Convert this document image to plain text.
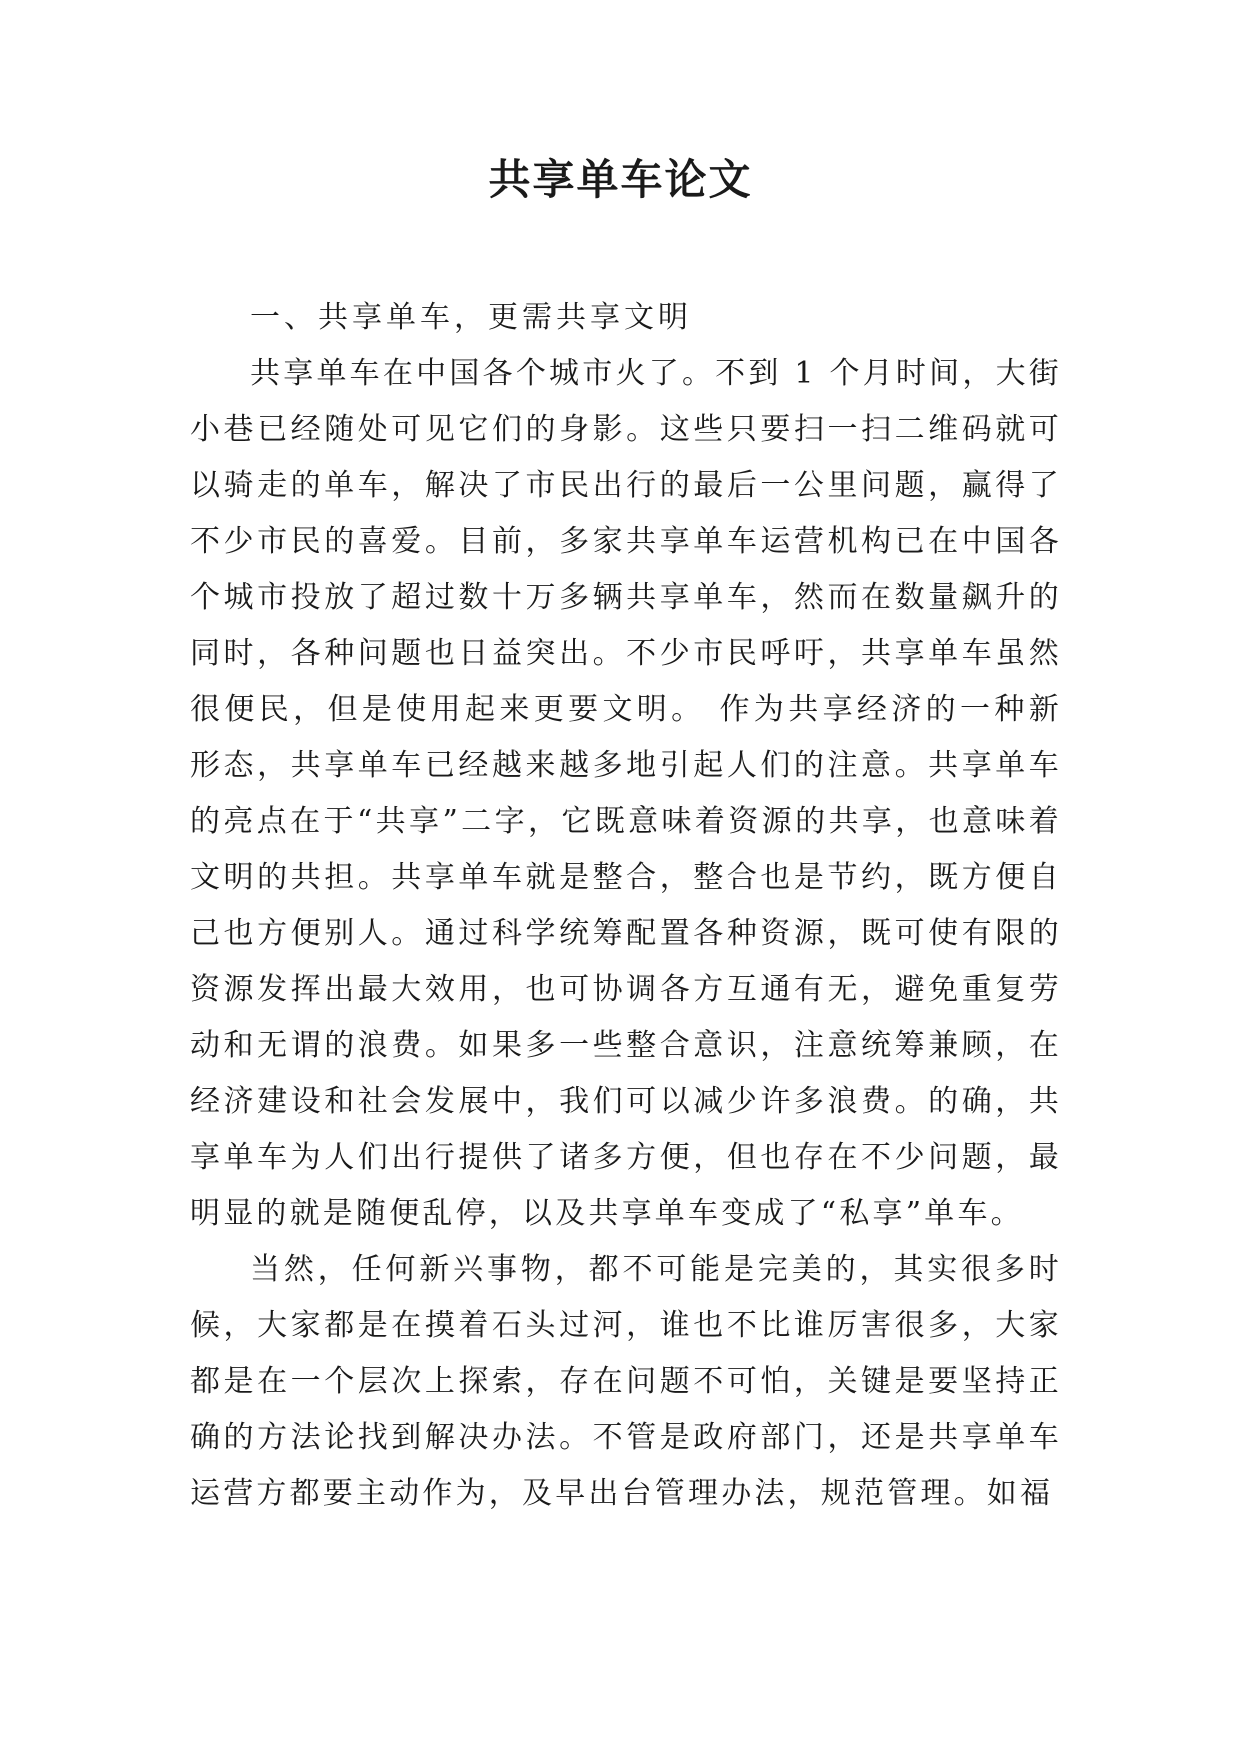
共享单车论文

一、共享单车，更需共享文明

共享单车在中国各个城市火了。不到 1 个月时间，大街小巷已经随处可见它们的身影。这些只要扫一扫二维码就可以骑走的单车，解决了市民出行的最后一公里问题，赢得了不少市民的喜爱。目前，多家共享单车运营机构已在中国各个城市投放了超过数十万多辆共享单车，然而在数量飙升的同时，各种问题也日益突出。不少市民呼吁，共享单车虽然很便民，但是使用起来更要文明。 作为共享经济的一种新形态，共享单车已经越来越多地引起人们的注意。共享单车的亮点在于“共享”二字，它既意味着资源的共享，也意味着文明的共担。共享单车就是整合，整合也是节约，既方便自己也方便别人。通过科学统筹配置各种资源，既可使有限的资源发挥出最大效用，也可协调各方互通有无，避免重复劳动和无谓的浪费。如果多一些整合意识，注意统筹兼顾，在经济建设和社会发展中，我们可以减少许多浪费。的确，共享单车为人们出行提供了诸多方便，但也存在不少问题，最明显的就是随便乱停，以及共享单车变成了“私享”单车。

当然，任何新兴事物，都不可能是完美的，其实很多时候，大家都是在摸着石头过河，谁也不比谁厉害很多，大家都是在一个层次上探索，存在问题不可怕，关键是要坚持正确的方法论找到解决办法。不管是政府部门，还是共享单车运营方都要主动作为，及早出台管理办法，规范管理。如福
